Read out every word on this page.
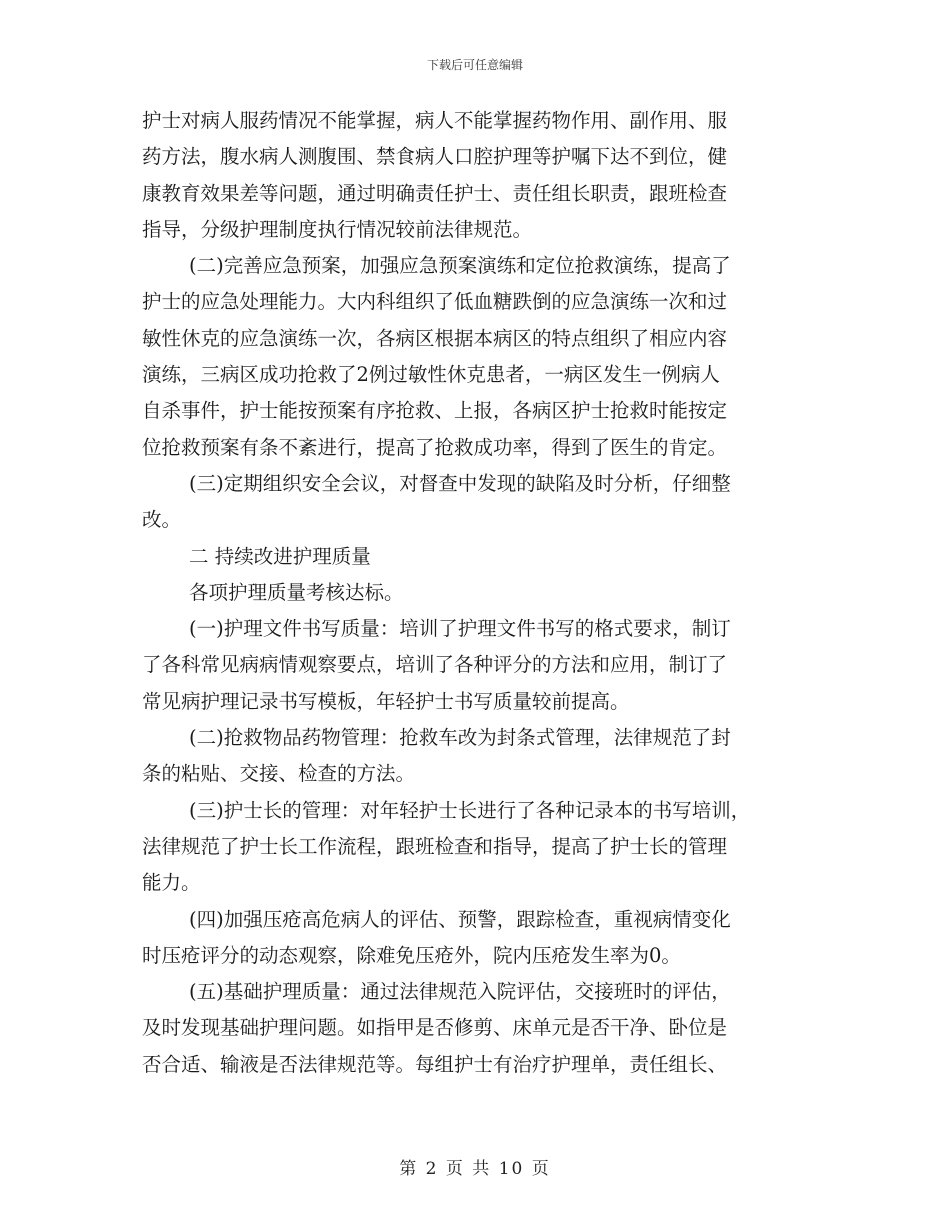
下载后可任意编辑
护士对病人服药情况不能掌握，病人不能掌握药物作用、副作用、服
药方法，腹水病人测腹围、禁食病人口腔护理等护嘱下达不到位，健
康教育效果差等问题，通过明确责任护士、责任组长职责，跟班检查
指导，分级护理制度执行情况较前法律规范。
(二)完善应急预案，加强应急预案演练和定位抢救演练，提高了
护士的应急处理能力。大内科组织了低血糖跌倒的应急演练一次和过
敏性休克的应急演练一次，各病区根据本病区的特点组织了相应内容
演练，三病区成功抢救了2例过敏性休克患者，一病区发生一例病人
自杀事件，护士能按预案有序抢救、上报，各病区护士抢救时能按定
位抢救预案有条不紊进行，提高了抢救成功率，得到了医生的肯定。
(三)定期组织安全会议，对督查中发现的缺陷及时分析，仔细整
改。
二 持续改进护理质量
各项护理质量考核达标。
(一)护理文件书写质量：培训了护理文件书写的格式要求，制订
了各科常见病病情观察要点，培训了各种评分的方法和应用，制订了
常见病护理记录书写模板，年轻护士书写质量较前提高。
(二)抢救物品药物管理：抢救车改为封条式管理，法律规范了封
条的粘贴、交接、检查的方法。
(三)护士长的管理：对年轻护士长进行了各种记录本的书写培训，
法律规范了护士长工作流程，跟班检查和指导，提高了护士长的管理
能力。
(四)加强压疮高危病人的评估、预警，跟踪检查，重视病情变化
时压疮评分的动态观察，除难免压疮外，院内压疮发生率为0。
(五)基础护理质量：通过法律规范入院评估，交接班时的评估，
及时发现基础护理问题。如指甲是否修剪、床单元是否干净、卧位是
否合适、输液是否法律规范等。每组护士有治疗护理单，责任组长、
第 2 页 共 10 页
